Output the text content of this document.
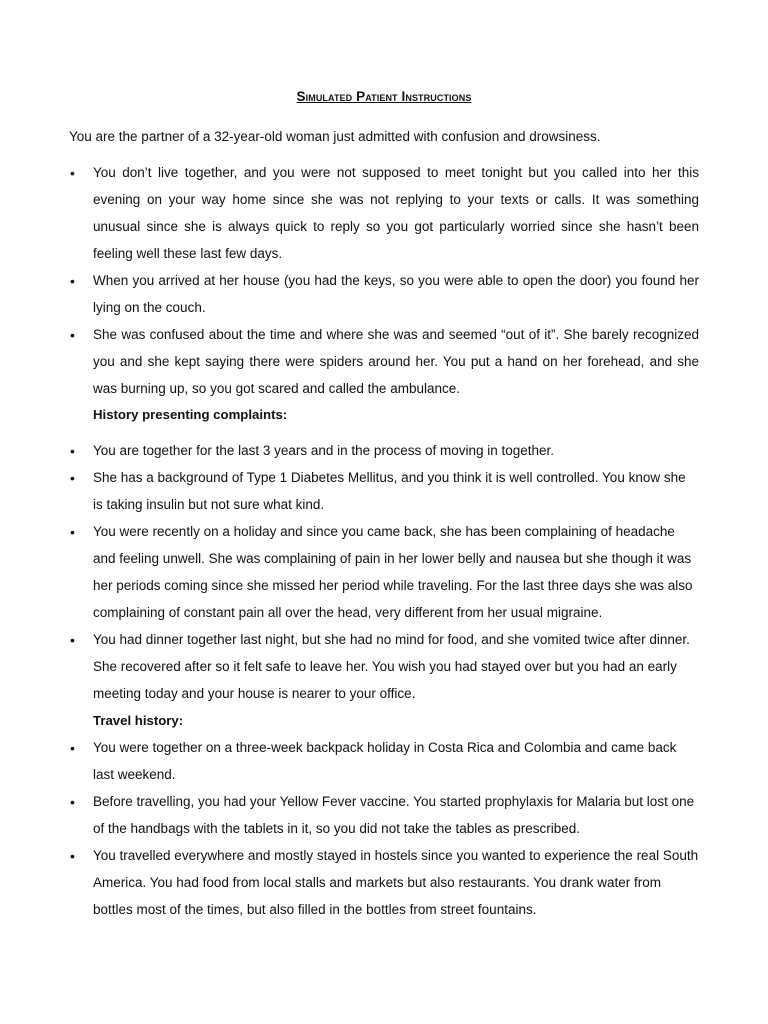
Simulated Patient Instructions
You are the partner of a 32-year-old woman just admitted with confusion and drowsiness.
• You don’t live together, and you were not supposed to meet tonight but you called into her this evening on your way home since she was not replying to your texts or calls. It was something unusual since she is always quick to reply so you got particularly worried since she hasn’t been feeling well these last few days.
• When you arrived at her house (you had the keys, so you were able to open the door) you found her lying on the couch.
• She was confused about the time and where she was and seemed “out of it”. She barely recognized you and she kept saying there were spiders around her. You put a hand on her forehead, and she was burning up, so you got scared and called the ambulance.
History presenting complaints:
• You are together for the last 3 years and in the process of moving in together.
• She has a background of Type 1 Diabetes Mellitus, and you think it is well controlled. You know she is taking insulin but not sure what kind.
• You were recently on a holiday and since you came back, she has been complaining of headache and feeling unwell. She was complaining of pain in her lower belly and nausea but she though it was her periods coming since she missed her period while traveling. For the last three days she was also complaining of constant pain all over the head, very different from her usual migraine.
• You had dinner together last night, but she had no mind for food, and she vomited twice after dinner. She recovered after so it felt safe to leave her. You wish you had stayed over but you had an early meeting today and your house is nearer to your office.
Travel history:
• You were together on a three-week backpack holiday in Costa Rica and Colombia and came back last weekend.
• Before travelling, you had your Yellow Fever vaccine. You started prophylaxis for Malaria but lost one of the handbags with the tablets in it, so you did not take the tables as prescribed.
• You travelled everywhere and mostly stayed in hostels since you wanted to experience the real South America. You had food from local stalls and markets but also restaurants. You drank water from bottles most of the times, but also filled in the bottles from street fountains.
